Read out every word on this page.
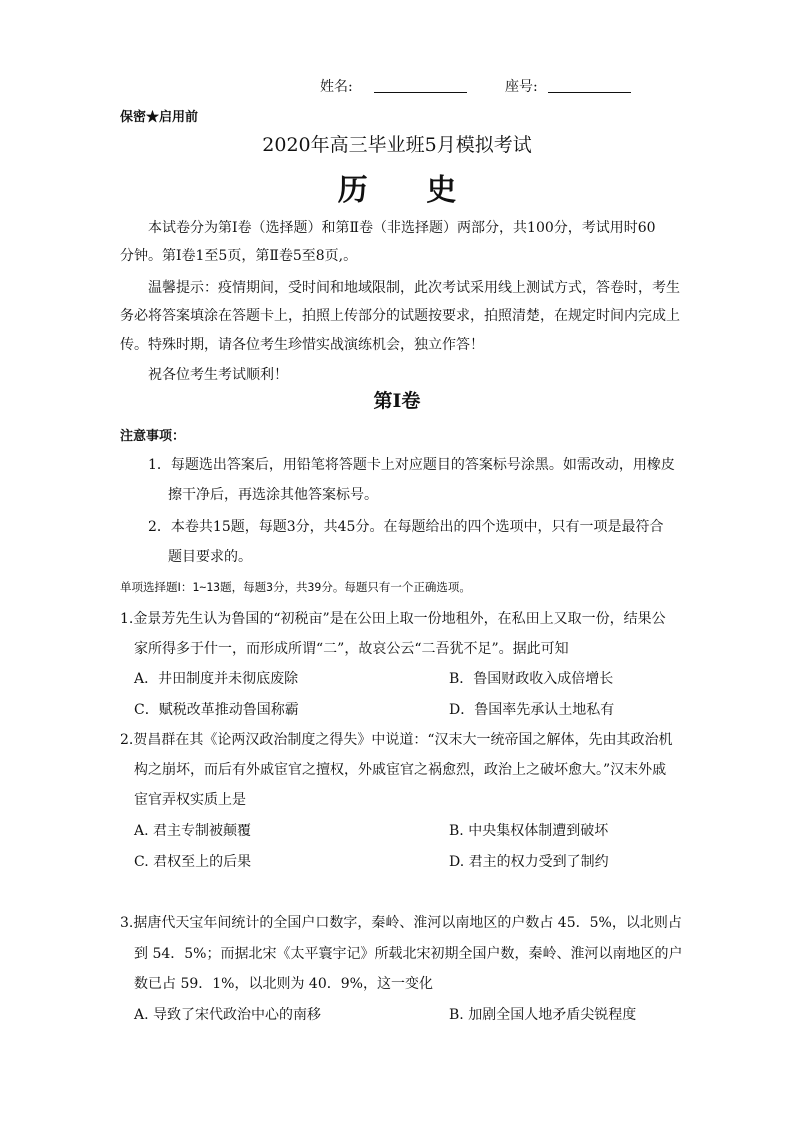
姓名:	座号:
保密★启用前
2020年高三毕业班5月模拟考试
历 史
本试卷分为第Ⅰ卷（选择题）和第Ⅱ卷（非选择题）两部分，共100分，考试用时60
分钟。第Ⅰ卷1至5页，第Ⅱ卷5至8页,。
温馨提示：疫情期间，受时间和地域限制，此次考试采用线上测试方式，答卷时，考生
务必将答案填涂在答题卡上，拍照上传部分的试题按要求，拍照清楚，在规定时间内完成上
传。特殊时期，请各位考生珍惜实战演练机会，独立作答！
祝各位考生考试顺利！
第Ⅰ卷
注意事项：
1．每题选出答案后，用铅笔将答题卡上对应题目的答案标号涂黑。如需改动，用橡皮
擦干净后，再选涂其他答案标号。
2．本卷共15题，每题3分，共45分。在每题给出的四个选项中，只有一项是最符合
题目要求的。
单项选择题Ⅰ：1~13题，每题3分，共39分。每题只有一个正确选项。
1.金景芳先生认为鲁国的“初税亩”是在公田上取一份地租外，在私田上又取一份，结果公
家所得多于什一，而形成所谓“二”，故哀公云“二吾犹不足”。据此可知
A．井田制度并未彻底废除	B．鲁国财政收入成倍增长
C．赋税改革推动鲁国称霸	D．鲁国率先承认土地私有
2.贺昌群在其《论两汉政治制度之得失》中说道：“汉末大一统帝国之解体，先由其政治机
构之崩坏，而后有外戚宦官之擅权，外戚宦官之祸愈烈，政治上之破坏愈大。”汉末外戚
宦官弄权实质上是
A. 君主专制被颠覆	B. 中央集权体制遭到破坏
C. 君权至上的后果	D. 君主的权力受到了制约
3.据唐代天宝年间统计的全国户口数字，秦岭、淮河以南地区的户数占 45．5%，以北则占
到 54．5%；而据北宋《太平寰宇记》所载北宋初期全国户数，秦岭、淮河以南地区的户
数已占 59．1%，以北则为 40．9%，这一变化
A. 导致了宋代政治中心的南移	B. 加剧全国人地矛盾尖锐程度
